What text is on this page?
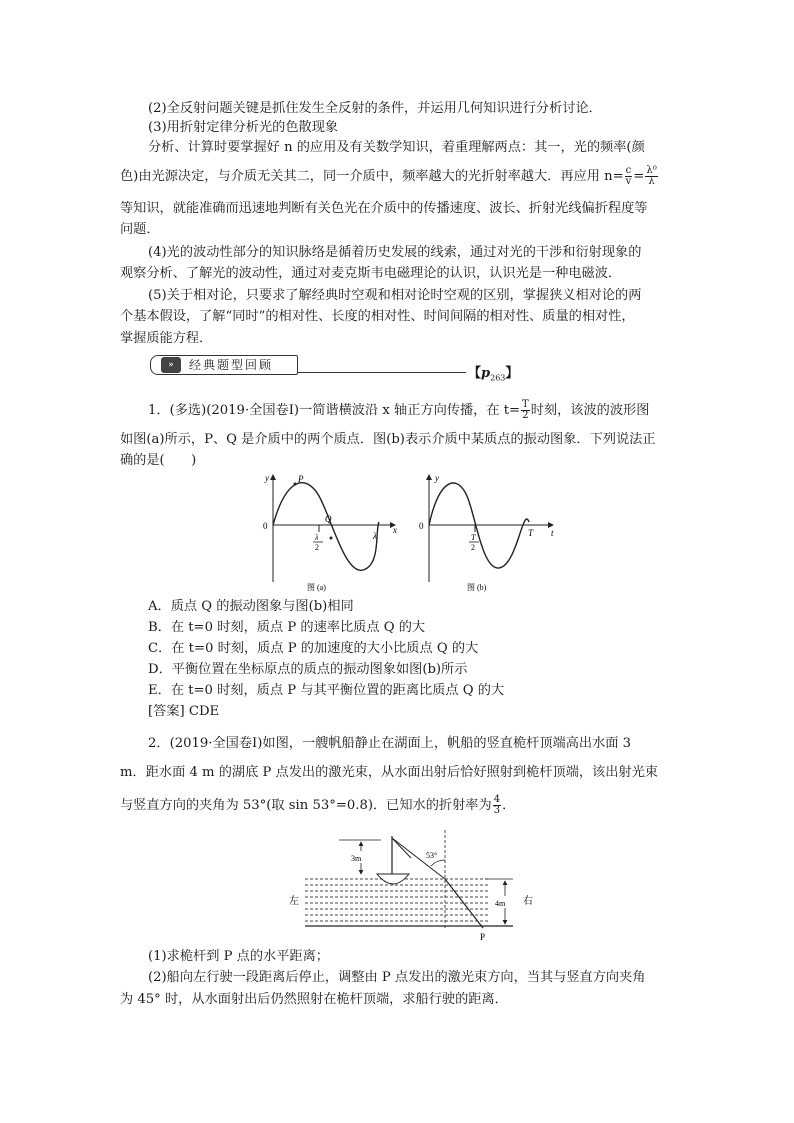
(2)全反射问题关键是抓住发生全反射的条件，并运用几何知识进行分析讨论．
(3)用折射定律分析光的色散现象
分析、计算时要掌握好 n 的应用及有关数学知识，着重理解两点：其一，光的频率(颜
色)由光源决定，与介质无关其二，同一介质中，频率越大的光折射率越大．再应用 $n= \frac{c}{v} = \frac{\text{λ⁰}}{\lambda}$
等知识，就能准确而迅速地判断有关色光在介质中的传播速度、波长、折射光线偏折程度等
问题．
(4)光的波动性部分的知识脉络是循着历史发展的线索，通过对光的干涉和衍射现象的
观察分析、了解光的波动性，通过对麦克斯韦电磁理论的认识，认识光是一种电磁波．
(5)关于相对论，只要求了解经典时空观和相对论时空观的区别，掌握狭义相对论的两
个基本假设，了解“同时”的相对性、长度的相对性、时间间隔的相对性、质量的相对性，
掌握质能方程．
»	经典题型回顾
【$p_{263}$】
1．(多选)(2019·全国卷Ⅰ)一简谐横波沿 x 轴正方向传播，在 $t= \frac{T}{2}$ 时刻，该波的波形图
如图(a)所示，P、Q 是介质中的两个质点．图(b)表示介质中某质点的振动图象．下列说法正
确的是(　　)
y	P
0
Q
λ
2
λ
x
图 (a)
y
0
T
2
T t
图 (b)
A．质点 Q 的振动图象与图(b)相同
B．在 t=0 时刻，质点 P 的速率比质点 Q 的大
C．在 t=0 时刻，质点 P 的加速度的大小比质点 Q 的大
D．平衡位置在坐标原点的质点的振动图象如图(b)所示
E．在 t=0 时刻，质点 P 与其平衡位置的距离比质点 Q 的大
[答案] CDE
2．(2019·全国卷Ⅰ)如图，一艘帆船静止在湖面上，帆船的竖直桅杆顶端高出水面 3
m．距水面 4 m 的湖底 P 点发出的激光束，从水面出射后恰好照射到桅杆顶端，该出射光束
与竖直方向的夹角为 53°(取 sin 53°=0.8)．已知水的折射率为 $\frac{4}{3}$ ．
3m	53°
4m
左	右
P
(1)求桅杆到 P 点的水平距离；
(2)船向左行驶一段距离后停止，调整由 P 点发出的激光束方向，当其与竖直方向夹角
为 45° 时，从水面射出后仍然照射在桅杆顶端，求船行驶的距离．
